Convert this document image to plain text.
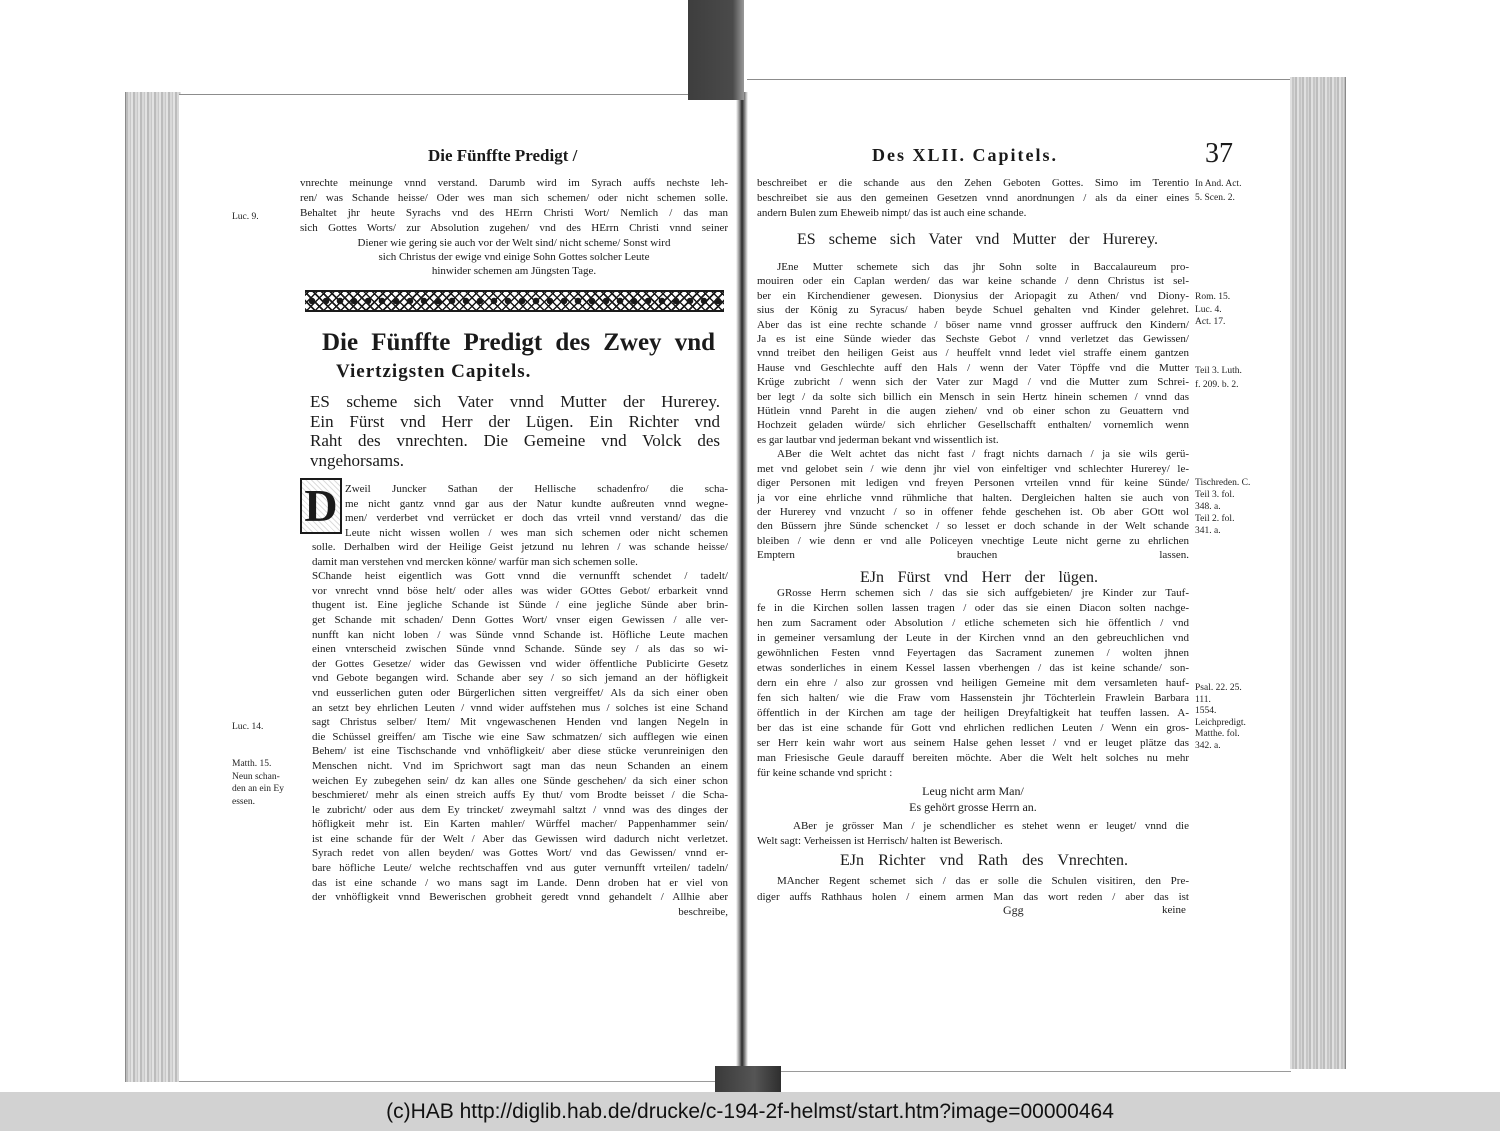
Die Fünffte Predigt /
vnrechte meinunge vnnd verstand. Darumb wird im Syrach auffs nechste leh-
ren/ was Schande heisse/ Oder wes man sich schemen/ oder nicht schemen solle.
Behaltet jhr heute Syrachs vnd des HErrn Christi Wort/ Nemlich / das man
sich Gottes Worts/ zur Absolution zugehen/ vnd des HErrn Christi vnnd seiner
Diener wie gering sie auch vor der Welt sind/ nicht scheme/ Sonst wird
sich Christus der ewige vnd einige Sohn Gottes solcher Leute
hinwider schemen am Jüngsten Tage.
Luc. 9.
Die Fünffte Predigt des Zwey vnd
Viertzigsten Capitels.
ES scheme sich Vater vnnd Mutter der Hurerey.
Ein Fürst vnd Herr der Lügen. Ein Richter vnd
Raht des vnrechten. Die Gemeine vnd Volck des
vngehorsams.
D Zweil Juncker Sathan der Hellische schadenfro/ die scha-
me nicht gantz vnnd gar aus der Natur kundte außreuten vnnd wegne-
men/ verderbet vnd verrücket er doch das vrteil vnnd verstand/ das die
Leute nicht wissen wollen / wes man sich schemen oder nicht schemen
solle. Derhalben wird der Heilige Geist jetzund nu lehren / was schande heisse/
damit man verstehen vnd mercken könne/ warfür man sich schemen solle.
SChande heist eigentlich was Gott vnnd die vernunfft schendet / tadelt/
vor vnrecht vnnd böse helt/ oder alles was wider GOttes Gebot/ erbarkeit vnnd
thugent ist. Eine jegliche Schande ist Sünde / eine jegliche Sünde aber brin-
get Schande mit schaden/ Denn Gottes Wort/ vnser eigen Gewissen / alle ver-
nunfft kan nicht loben / was Sünde vnnd Schande ist. Höfliche Leute machen
einen vnterscheid zwischen Sünde vnnd Schande. Sünde sey / als das so wi-
der Gottes Gesetze/ wider das Gewissen vnd wider öffentliche Publicirte Gesetz
vnd Gebote begangen wird. Schande aber sey / so sich jemand an der höfligkeit
vnd eusserlichen guten oder Bürgerlichen sitten vergreiffet/ Als da sich einer oben
an setzt bey ehrlichen Leuten / vnnd wider auffstehen mus / solches ist eine Schand
sagt Christus selber/ Item/ Mit vngewaschenen Henden vnd langen Negeln in
die Schüssel greiffen/ am Tische wie eine Saw schmatzen/ sich aufflegen wie einen
Behem/ ist eine Tischschande vnd vnhöfligkeit/ aber diese stücke verunreinigen den
Menschen nicht. Vnd im Sprichwort sagt man das neun Schanden an einem
weichen Ey zubegehen sein/ dz kan alles one Sünde geschehen/ da sich einer schon
beschmieret/ mehr als einen streich auffs Ey thut/ vom Brodte beisset / die Scha-
le zubricht/ oder aus dem Ey trincket/ zweymahl saltzt / vnnd was des dinges der
höfligkeit mehr ist. Ein Karten mahler/ Würffel macher/ Pappenhammer sein/
ist eine schande für der Welt / Aber das Gewissen wird dadurch nicht verletzet.
Syrach redet von allen beyden/ was Gottes Wort/ vnd das Gewissen/ vnnd er-
bare höfliche Leute/ welche rechtschaffen vnd aus guter vernunfft vrteilen/ tadeln/
das ist eine schande / wo mans sagt im Lande. Denn droben hat er viel von
der vnhöfligkeit vnnd Bewerischen grobheit geredt vnnd gehandelt / Allhie aber
beschreibe,
Luc. 14.
Matth. 15.
Neun schan-
den an ein Ey
essen.
Des XLII. Capitels.	37
beschreibet er die schande aus den Zehen Geboten Gottes. Simo im Terentio
beschreibet sie aus den gemeinen Gesetzen vnnd anordnungen / als da einer eines
andern Bulen zum Eheweib nimpt/ das ist auch eine schande.
ES scheme sich Vater vnd Mutter der Hurerey.
JEne Mutter schemete sich das jhr Sohn solte in Baccalaureum pro-
mouiren oder ein Caplan werden/ das war keine schande / denn Christus ist sel-
ber ein Kirchendiener gewesen. Dionysius der Ariopagit zu Athen/ vnd Diony-
sius der König zu Syracus/ haben beyde Schuel gehalten vnd Kinder gelehret.
Aber das ist eine rechte schande / böser name vnnd grosser auffruck den Kindern/
Ja es ist eine Sünde wieder das Sechste Gebot / vnnd verletzet das Gewissen/
vnnd treibet den heiligen Geist aus / heuffelt vnnd ledet viel straffe einem gantzen
Hause vnd Geschlechte auff den Hals / wenn der Vater Töpffe vnd die Mutter
Krüge zubricht / wenn sich der Vater zur Magd / vnd die Mutter zum Schrei-
ber legt / da solte sich billich ein Mensch in sein Hertz hinein schemen / vnnd das
Hütlein vnnd Pareht in die augen ziehen/ vnd ob einer schon zu Geuattern vnd
Hochzeit geladen würde/ sich ehrlicher Gesellschafft enthalten/ vornemlich wenn
es gar lautbar vnd jederman bekant vnd wissentlich ist.
ABer die Welt achtet das nicht fast / fragt nichts darnach / ja sie wils gerü-
met vnd gelobet sein / wie denn jhr viel von einfeltiger vnd schlechter Hurerey/ le-
diger Personen mit ledigen vnd freyen Personen vrteilen vnnd für keine Sünde/
ja vor eine ehrliche vnnd rühmliche that halten. Dergleichen halten sie auch von
der Hurerey vnd vnzucht / so in offener fehde geschehen ist. Ob aber GOtt wol
den Büssern jhre Sünde schencket / so lesset er doch schande in der Welt schande
bleiben / wie denn er vnd alle Policeyen vnechtige Leute nicht gerne zu ehrlichen
Emptern brauchen lassen.
EJn Fürst vnd Herr der lügen.
GRosse Herrn schemen sich / das sie sich auffgebieten/ jre Kinder zur Tauf-
fe in die Kirchen sollen lassen tragen / oder das sie einen Diacon solten nachge-
hen zum Sacrament oder Absolution / etliche schemeten sich hie öffentlich / vnd
in gemeiner versamlung der Leute in der Kirchen vnnd an den gebreuchlichen vnd
gewöhnlichen Festen vnnd Feyertagen das Sacrament zunemen / wolten jhnen
etwas sonderliches in einem Kessel lassen vberhengen / das ist keine schande/ son-
dern ein ehre / also zur grossen vnd heiligen Gemeine mit dem versamleten hauf-
fen sich halten/ wie die Fraw vom Hassenstein jhr Töchterlein Frawlein Barbara
öffentlich in der Kirchen am tage der heiligen Dreyfaltigkeit hat teuffen lassen. A-
ber das ist eine schande für Gott vnd ehrlichen redlichen Leuten / Wenn ein gros-
ser Herr kein wahr wort aus seinem Halse gehen lesset / vnd er leuget plätze das
man Friesische Geule darauff bereiten möchte. Aber die Welt helt solches nu mehr
für keine schande vnd spricht :
Leug nicht arm Man/
Es gehört grosse Herrn an.
ABer je grösser Man / je schendlicher es stehet wenn er leuget/ vnnd die
Welt sagt: Verheissen ist Herrisch/ halten ist Bewerisch.
EJn Richter vnd Rath des Vnrechten.
MAncher Regent schemet sich / das er solle die Schulen visitiren, den Pre-
diger auffs Rathhaus holen / einem armen Man das wort reden / aber das ist
Ggg	keine
In And. Act.
5. Scen. 2.
Rom. 15.
Luc. 4.
Act. 17.
Teil 3. Luth.
f. 209. b. 2.
Tischreden. C.
Teil 3. fol.
348. a.
Teil 2. fol.
341. a.
Psal. 22. 25.
111.
1554.
Leichpredigt.
Matthe. fol.
342. a.
(c)HAB http://diglib.hab.de/drucke/c-194-2f-helmst/start.htm?image=00000464
